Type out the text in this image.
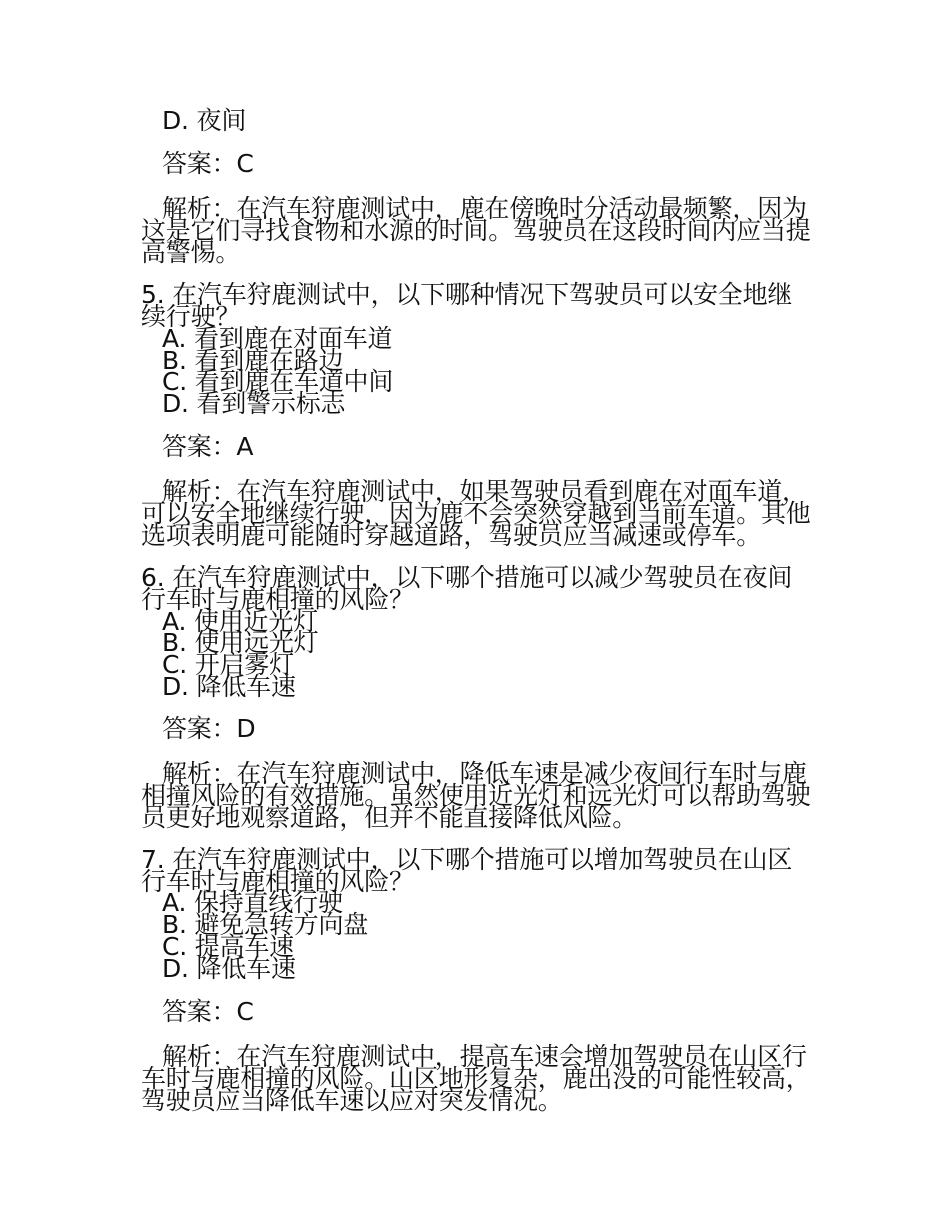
D. 夜间
答案：C
解析：在汽车狩鹿测试中，鹿在傍晚时分活动最频繁，因为
这是它们寻找食物和水源的时间。驾驶员在这段时间内应当提
高警惕。
5. 在汽车狩鹿测试中，以下哪种情况下驾驶员可以安全地继
续行驶？
A. 看到鹿在对面车道
B. 看到鹿在路边
C. 看到鹿在车道中间
D. 看到警示标志
答案：A
解析：在汽车狩鹿测试中，如果驾驶员看到鹿在对面车道，
可以安全地继续行驶，因为鹿不会突然穿越到当前车道。其他
选项表明鹿可能随时穿越道路，驾驶员应当减速或停车。
6. 在汽车狩鹿测试中，以下哪个措施可以减少驾驶员在夜间
行车时与鹿相撞的风险？
A. 使用近光灯
B. 使用远光灯
C. 开启雾灯
D. 降低车速
答案：D
解析：在汽车狩鹿测试中，降低车速是减少夜间行车时与鹿
相撞风险的有效措施。虽然使用近光灯和远光灯可以帮助驾驶
员更好地观察道路，但并不能直接降低风险。
7. 在汽车狩鹿测试中，以下哪个措施可以增加驾驶员在山区
行车时与鹿相撞的风险？
A. 保持直线行驶
B. 避免急转方向盘
C. 提高车速
D. 降低车速
答案：C
解析：在汽车狩鹿测试中，提高车速会增加驾驶员在山区行
车时与鹿相撞的风险。山区地形复杂，鹿出没的可能性较高，
驾驶员应当降低车速以应对突发情况。
